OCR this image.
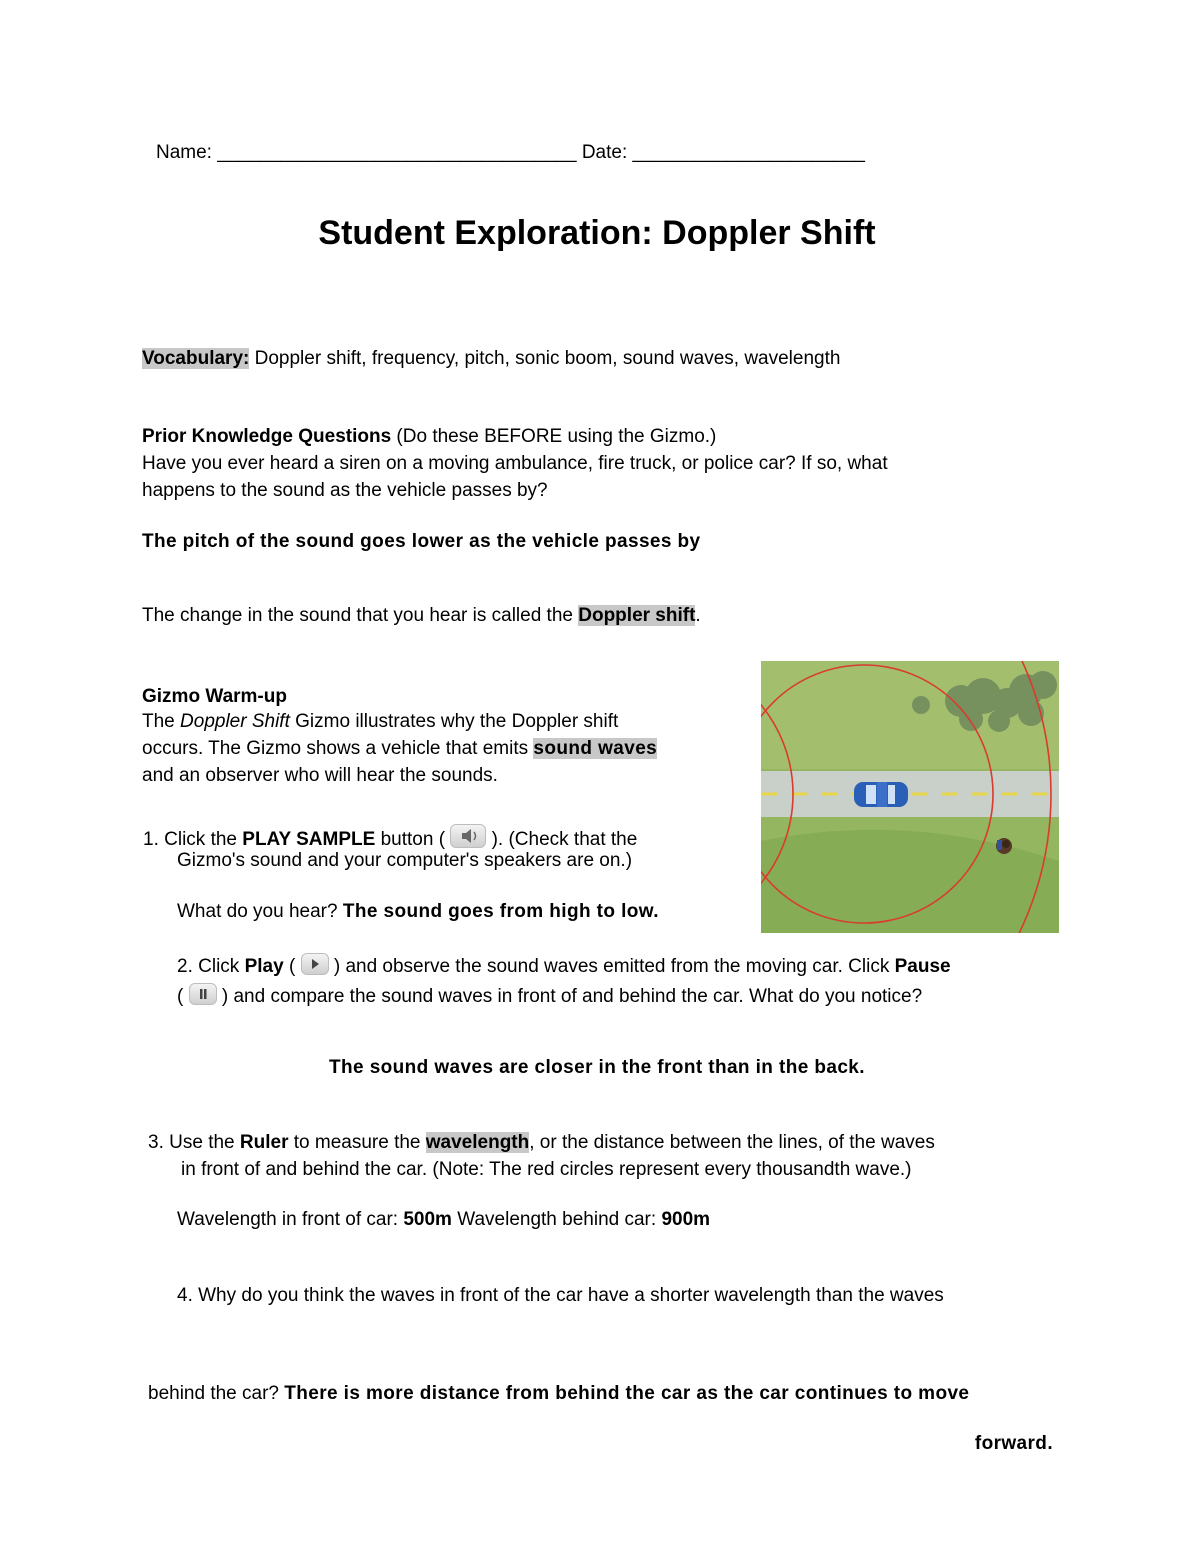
Name: __________________________________ Date: ______________________
Student Exploration: Doppler Shift
Vocabulary: Doppler shift, frequency, pitch, sonic boom, sound waves, wavelength
Prior Knowledge Questions (Do these BEFORE using the Gizmo.)
Have you ever heard a siren on a moving ambulance, fire truck, or police car? If so, what
happens to the sound as the vehicle passes by?
The pitch of the sound goes lower as the vehicle passes by
The change in the sound that you hear is called the Doppler shift.
Gizmo Warm-up
The Doppler Shift Gizmo illustrates why the Doppler shift
occurs. The Gizmo shows a vehicle that emits sound waves
and an observer who will hear the sounds.
1. Click the PLAY SAMPLE button (
). (Check that the
Gizmo's sound and your computer's speakers are on.)
What do you hear? The sound goes from high to low.
2. Click Play (
) and observe the sound waves emitted from the moving car. Click Pause
(
) and compare the sound waves in front of and behind the car. What do you notice?
The sound waves are closer in the front than in the back.
3. Use the Ruler to measure the wavelength, or the distance between the lines, of the waves
in front of and behind the car. (Note: The red circles represent every thousandth wave.)
Wavelength in front of car: 500m Wavelength behind car: 900m
4. Why do you think the waves in front of the car have a shorter wavelength than the waves
behind the car? There is more distance from behind the car as the car continues to move
forward.
